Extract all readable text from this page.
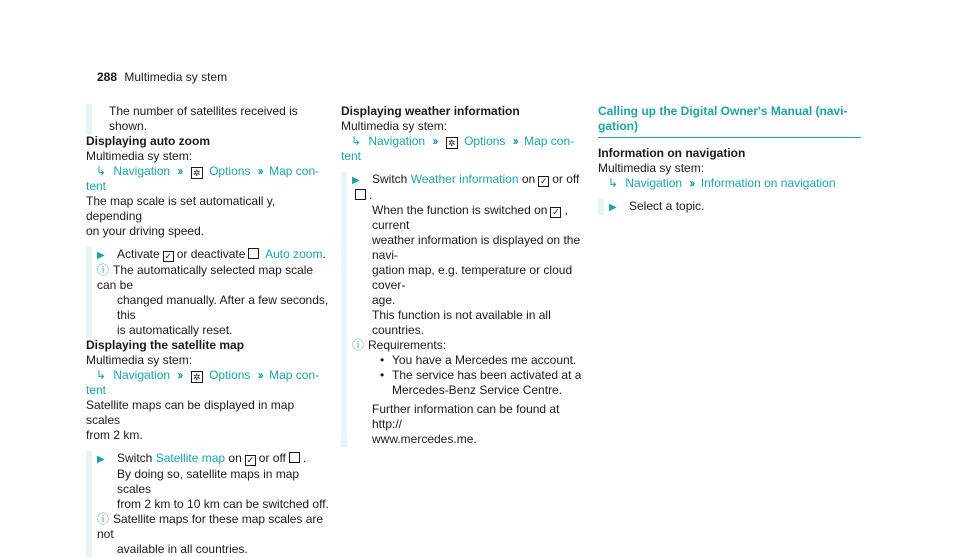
288 Multimedia sy stem
The number of satellites received is shown.
Displaying auto zoom
Multimedia sy stem:
↳ Navigation ›› ✲ Options ›› Map con-
tent
The map scale is set automaticall y, depending
on your driving speed.
▶ Activate ✓ or deactivate Auto zoom.
ⓘ The automatically selected map scale can be
changed manually. After a few seconds, this
is automatically reset.
Displaying the satellite map
Multimedia sy stem:
↳ Navigation ›› ✲ Options ›› Map con-
tent
Satellite maps can be displayed in map scales
from 2 km.
▶ Switch Satellite map on ✓ or off .
By doing so, satellite maps in map scales
from 2 km to 10 km can be switched off.
ⓘ Satellite maps for these map scales are not
available in all countries.
Displaying weather information
Multimedia sy stem:
↳ Navigation ›› ✲ Options ›› Map con-
tent
▶ Switch Weather information on ✓ or off.
When the function is switched on ✓ , current
weather information is displayed on the navi-
gation map, e.g. temperature or cloud cover-
age.
This function is not available in all countries.
ⓘ Requirements:
• You have a Mercedes me account.
• The service has been activated at a
Mercedes-Benz Service Centre.
Further information can be found at http://
www.mercedes.me.
Calling up the Digital Owner's Manual (navi-
gation)
Information on navigation
Multimedia sy stem:
↳ Navigation ›› Information on navigation
▶ Select a topic.
